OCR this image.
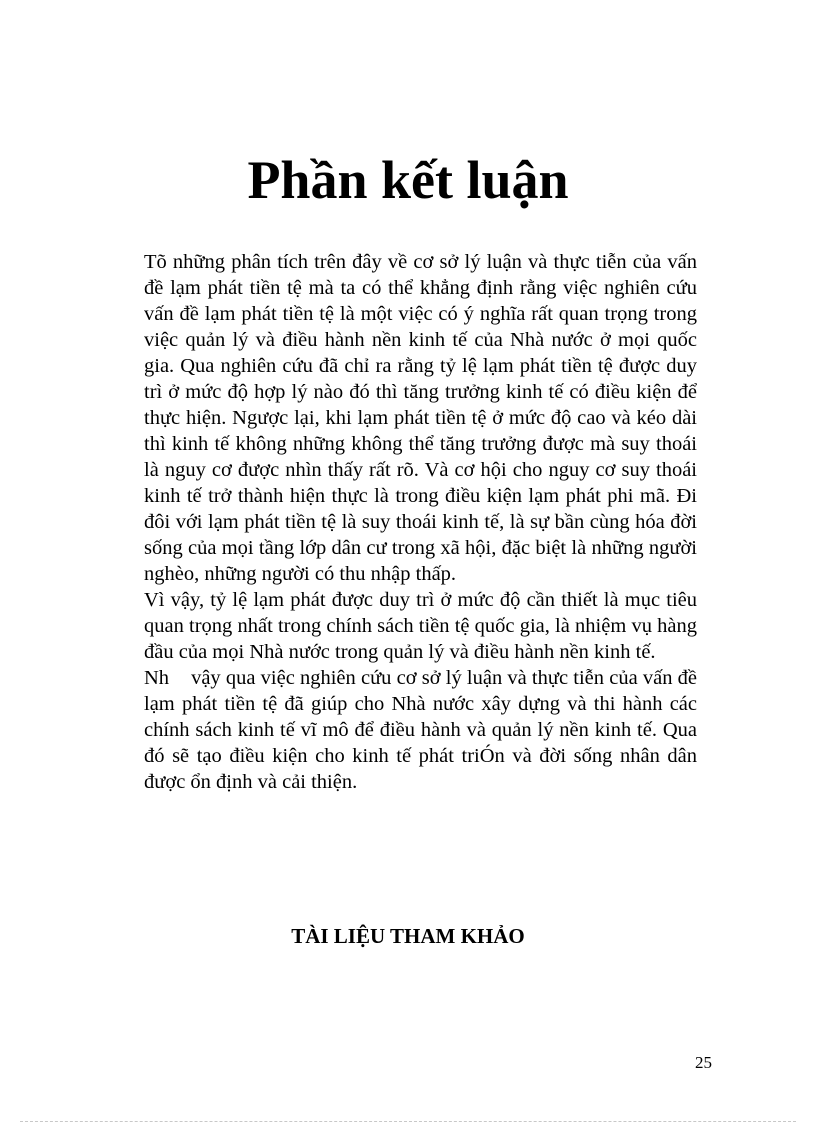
Phần kết luận

Tõ những phân tích trên đây về cơ sở lý luận và thực tiễn của vấn đề lạm phát tiền tệ mà ta có thể khẳng định rằng việc nghiên cứu vấn đề lạm phát tiền tệ là một việc có ý nghĩa rất quan trọng trong việc quản lý và điều hành nền kinh tế của Nhà nước ở mọi quốc gia. Qua nghiên cứu đã chỉ ra rằng tỷ lệ lạm phát tiền tệ được duy trì ở mức độ hợp lý nào đó thì tăng trưởng kinh tế có điều kiện để thực hiện. Ngược lại, khi lạm phát tiền tệ ở mức độ cao và kéo dài thì kinh tế không những không thể tăng trưởng được mà suy thoái là nguy cơ được nhìn thấy rất rõ. Và cơ hội cho nguy cơ suy thoái kinh tế trở thành hiện thực là trong điều kiện lạm phát phi mã. Đi đôi với lạm phát tiền tệ là suy thoái kinh tế, là sự bần cùng hóa đời sống của mọi tầng lớp dân cư trong xã hội, đặc biệt là những người nghèo, những người có thu nhập thấp.

Vì vậy, tỷ lệ lạm phát được duy trì ở mức độ cần thiết là mục tiêu quan trọng nhất trong chính sách tiền tệ quốc gia, là nhiệm vụ hàng đầu của mọi Nhà nước trong quản lý và điều hành nền kinh tế.

Nh vậy qua việc nghiên cứu cơ sở lý luận và thực tiễn của vấn đề lạm phát tiền tệ đã giúp cho Nhà nước xây dựng và thi hành các chính sách kinh tế vĩ mô để điều hành và quản lý nền kinh tế. Qua đó sẽ tạo điều kiện cho kinh tế phát triÓn và đời sống nhân dân được ổn định và cải thiện.

TÀI LIỆU THAM KHẢO
25
